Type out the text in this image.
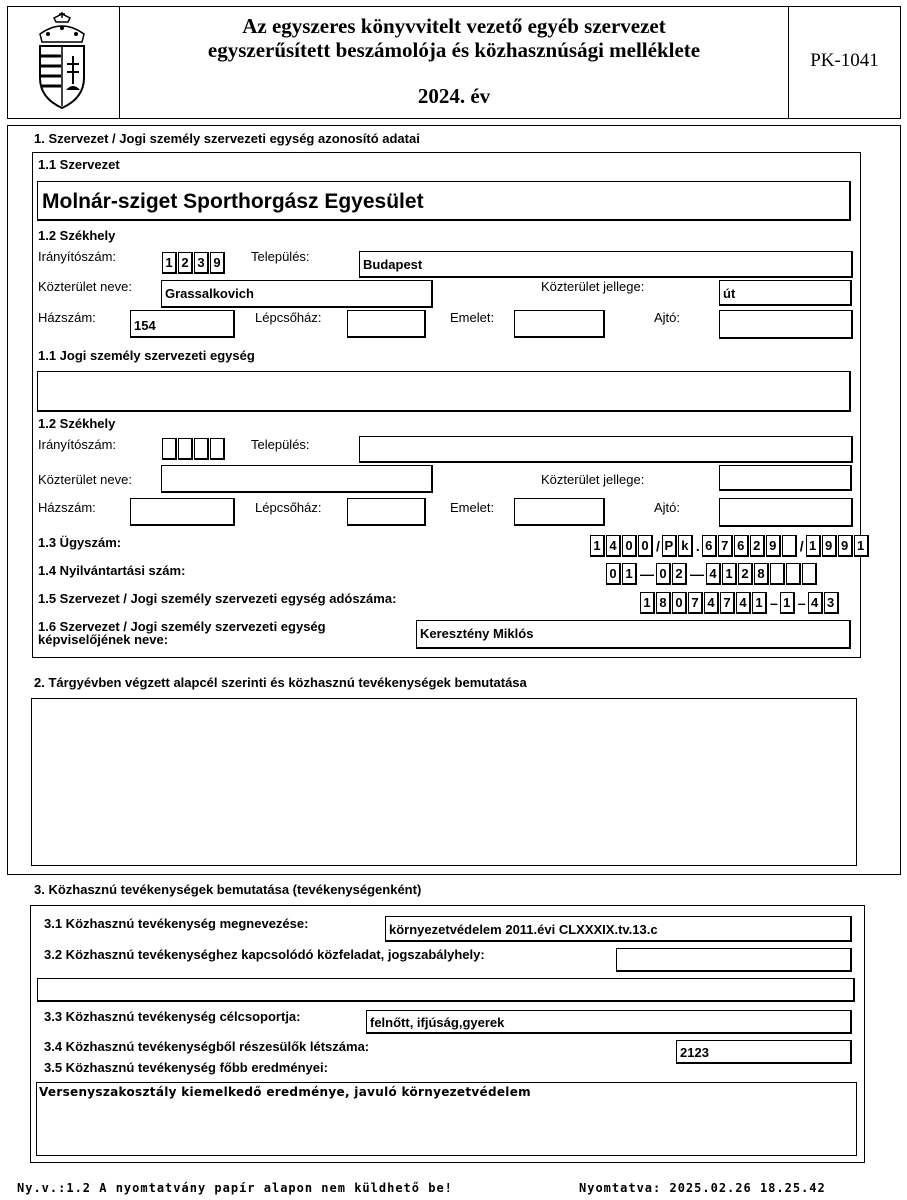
Az egyszeres könyvvitelt vezető egyéb szervezet
egyszerűsített beszámolója és közhasznúsági melléklete
2024. év
PK-1041
1. Szervezet / Jogi személy szervezeti egység azonosító adatai
1.1 Szervezet
Molnár-sziget Sporthorgász Egyesület
1.2 Székhely
Irányítószám:	1 2 3 9	Település:
Budapest
Közterület neve:	Grassalkovich	Közterület jellege:	út
Házszám:
154
Lépcsőház:	Emelet:	Ajtó:
1.1 Jogi személy szervezeti egység
1.2 Székhely
Irányítószám:	Település:
Közterület neve:	Közterület jellege:
Házszám:	Lépcsőház:	Emelet:	Ajtó:
1.3 Ügyszám:	1 4 0 0 / P k . 6 7 6 2 9	/ 1 9 9 1
1.4 Nyilvántartási szám:	0 1 — 0 2 — 4 1 2 8
1.5 Szervezet / Jogi személy szervezeti egység adószáma:	1 8 0 7 4 7 4 1 – 1 – 4 3
1.6 Szervezet / Jogi személy szervezeti egység
képviselőjének neve:	Keresztény Miklós
2. Tárgyévben végzett alapcél szerinti és közhasznú tevékenységek bemutatása
3. Közhasznú tevékenységek bemutatása (tevékenységenként)
3.1 Közhasznú tevékenység megnevezése:	környezetvédelem 2011.évi CLXXXIX.tv.13.c
3.2 Közhasznú tevékenységhez kapcsolódó közfeladat, jogszabályhely:
3.3 Közhasznú tevékenység célcsoportja:	felnőtt, ifjúság,gyerek
3.4 Közhasznú tevékenységből részesülők létszáma:	2123
3.5 Közhasznú tevékenység főbb eredményei:
Versenyszakosztály kiemelkedő eredménye, javuló környezetvédelem
Ny.v.:1.2 A nyomtatvány papír alapon nem küldhető be!	Nyomtatva: 2025.02.26 18.25.42
